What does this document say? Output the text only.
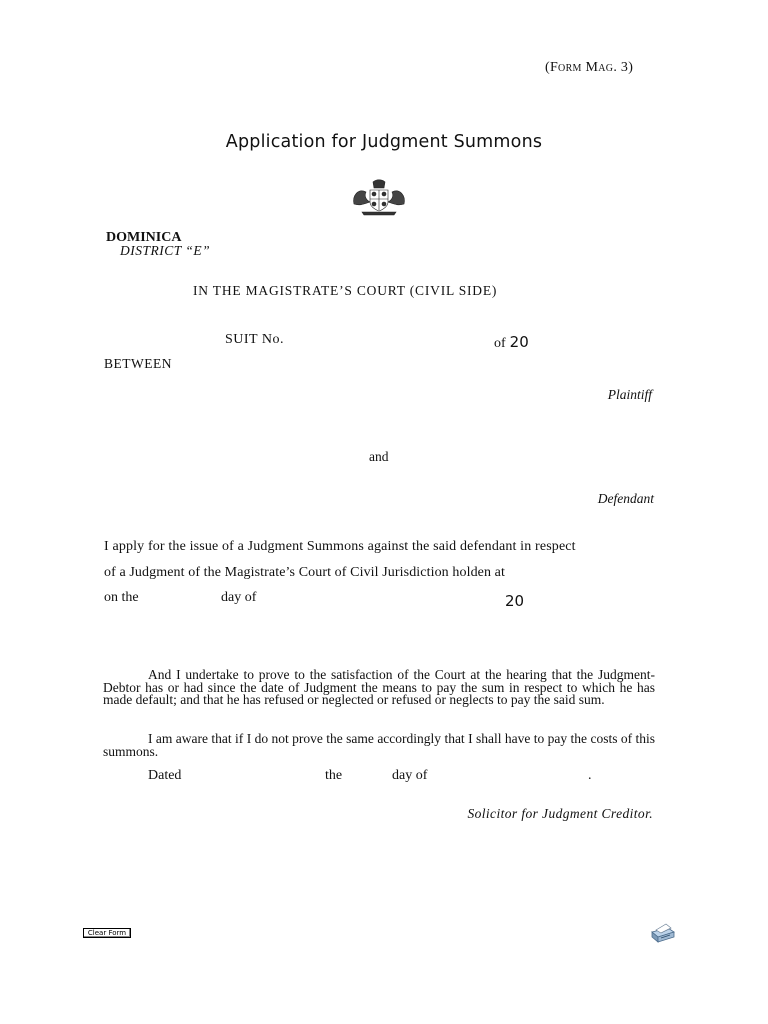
(Form Mag. 3)
Application for Judgment Summons
DOMINICA
DISTRICT “E”
IN THE MAGISTRATE’S COURT (CIVIL SIDE)
SUIT No.	of 20
BETWEEN
Plaintiff
and
Defendant
I apply for the issue of a Judgment Summons against the said defendant in respect
of a Judgment of the Magistrate’s Court of Civil Jurisdiction holden at
on the	day of	20
And I undertake to prove to the satisfaction of the Court at the hearing that the Judgment-Debtor has or had since the date of Judgment the means to pay the sum in respect to which he has made default; and that he has refused or neglected or refused or neglects to pay the said sum.
I am aware that if I do not prove the same accordingly that I shall have to pay the costs of this summons.
Dated	the	day of	.
Solicitor for Judgment Creditor.
Clear Form
